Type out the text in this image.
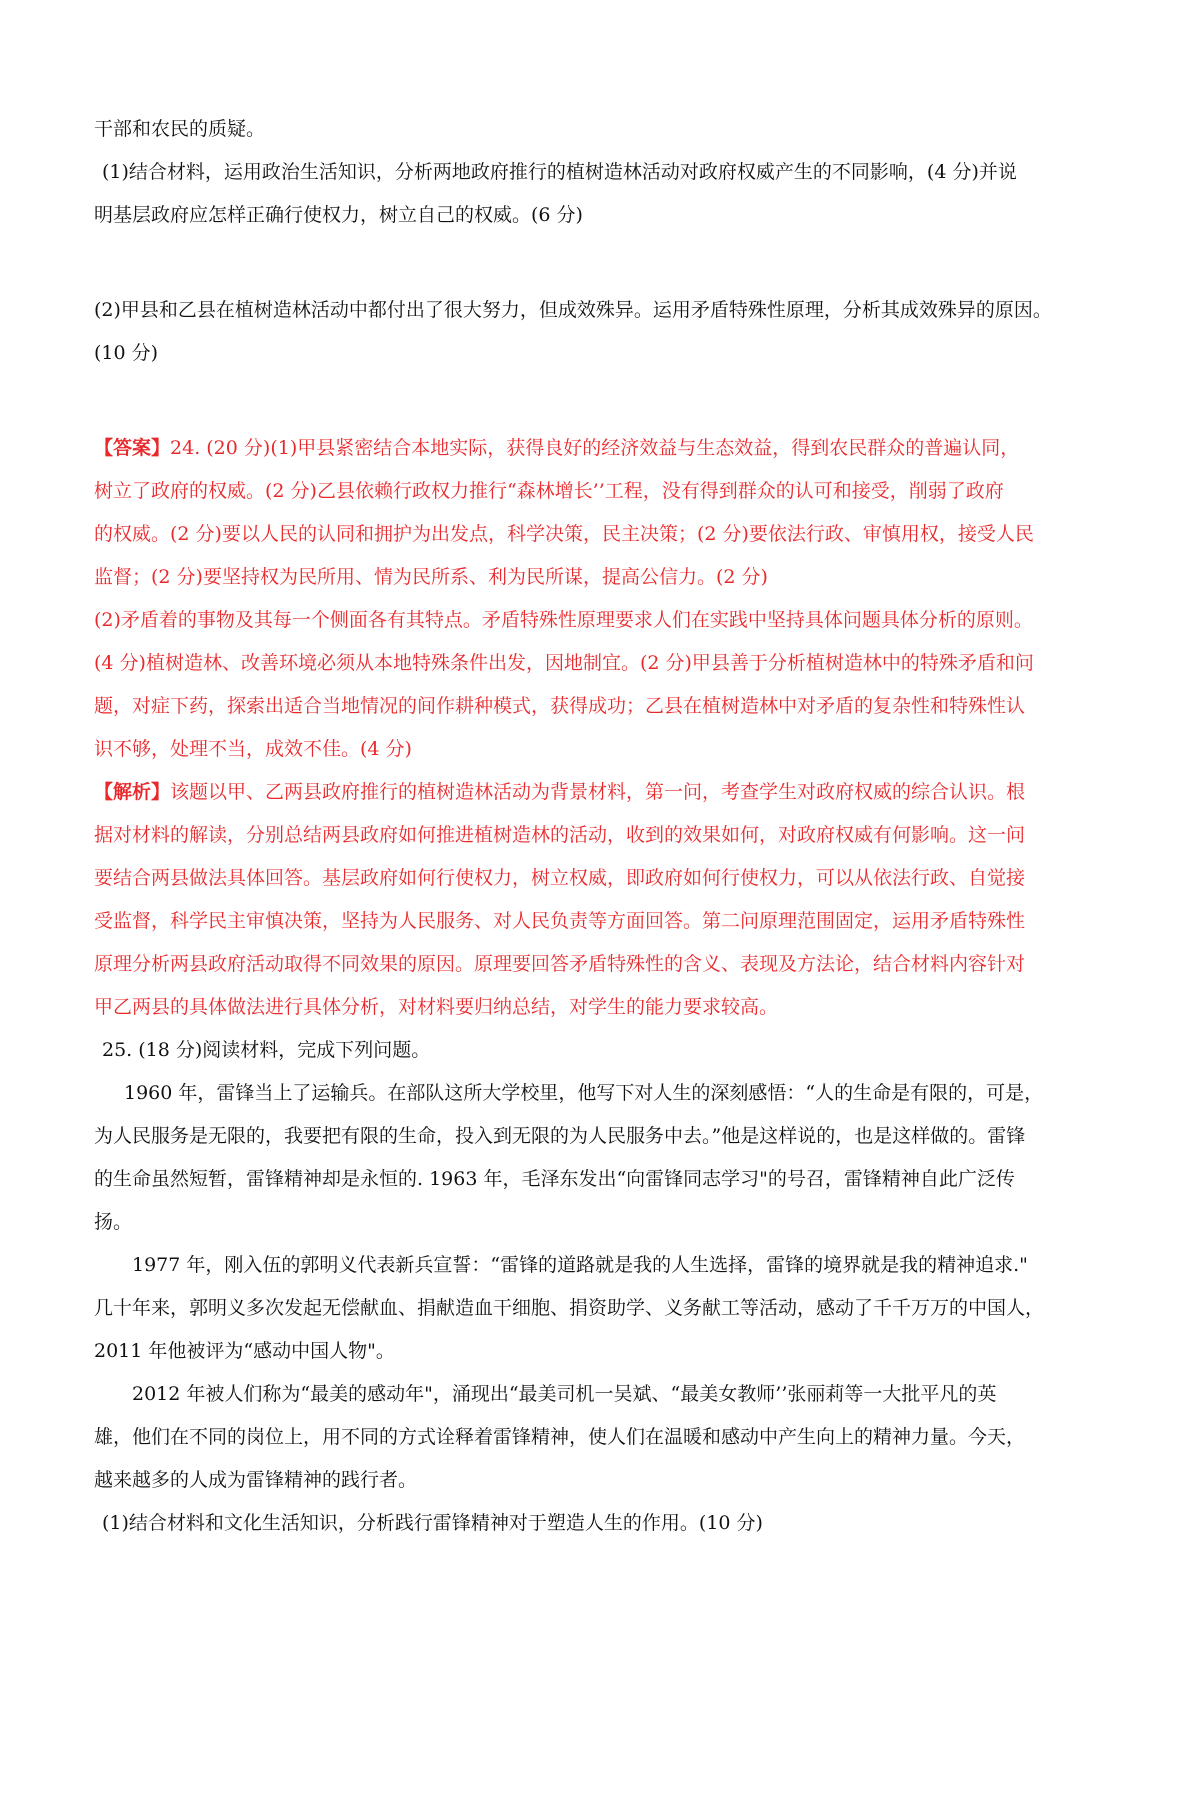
干部和农民的质疑。
(1)结合材料，运用政治生活知识，分析两地政府推行的植树造林活动对政府权威产生的不同影响，(4 分)并说
明基层政府应怎样正确行使权力，树立自己的权威。(6 分)
(2)甲县和乙县在植树造林活动中都付出了很大努力，但成效殊异。运用矛盾特殊性原理，分析其成效殊异的原因。
(10 分)
【答案】24. (20 分)(1)甲县紧密结合本地实际，获得良好的经济效益与生态效益，得到农民群众的普遍认同，
树立了政府的权威。(2 分)乙县依赖行政权力推行“森林增长’’工程，没有得到群众的认可和接受，削弱了政府
的权威。(2 分)要以人民的认同和拥护为出发点，科学决策，民主决策；(2 分)要依法行政、审慎用权，接受人民
监督；(2 分)要坚持权为民所用、情为民所系、利为民所谋，提高公信力。(2 分)
(2)矛盾着的事物及其每一个侧面各有其特点。矛盾特殊性原理要求人们在实践中坚持具体问题具体分析的原则。
(4 分)植树造林、改善环境必须从本地特殊条件出发，因地制宜。(2 分)甲县善于分析植树造林中的特殊矛盾和问
题，对症下药，探索出适合当地情况的间作耕种模式，获得成功；乙县在植树造林中对矛盾的复杂性和特殊性认
识不够，处理不当，成效不佳。(4 分)
【解析】该题以甲、乙两县政府推行的植树造林活动为背景材料，第一问，考查学生对政府权威的综合认识。根
据对材料的解读，分别总结两县政府如何推进植树造林的活动，收到的效果如何，对政府权威有何影响。这一问
要结合两县做法具体回答。基层政府如何行使权力，树立权威，即政府如何行使权力，可以从依法行政、自觉接
受监督，科学民主审慎决策，坚持为人民服务、对人民负责等方面回答。第二问原理范围固定，运用矛盾特殊性
原理分析两县政府活动取得不同效果的原因。原理要回答矛盾特殊性的含义、表现及方法论，结合材料内容针对
甲乙两县的具体做法进行具体分析，对材料要归纳总结，对学生的能力要求较高。
25. (18 分)阅读材料，完成下列问题。
1960 年，雷锋当上了运输兵。在部队这所大学校里，他写下对人生的深刻感悟：“人的生命是有限的，可是，
为人民服务是无限的，我要把有限的生命，投入到无限的为人民服务中去。”他是这样说的，也是这样做的。雷锋
的生命虽然短暂，雷锋精神却是永恒的. 1963 年，毛泽东发出“向雷锋同志学习"的号召，雷锋精神自此广泛传
扬。
1977 年，刚入伍的郭明义代表新兵宣誓：“雷锋的道路就是我的人生选择，雷锋的境界就是我的精神追求."
几十年来，郭明义多次发起无偿献血、捐献造血干细胞、捐资助学、义务献工等活动，感动了千千万万的中国人，
2011 年他被评为“感动中国人物"。
2012 年被人们称为“最美的感动年"，涌现出“最美司机一吴斌、“最美女教师’’张丽莉等一大批平凡的英
雄，他们在不同的岗位上，用不同的方式诠释着雷锋精神，使人们在温暖和感动中产生向上的精神力量。今天，
越来越多的人成为雷锋精神的践行者。
(1)结合材料和文化生活知识，分析践行雷锋精神对于塑造人生的作用。(10 分)
